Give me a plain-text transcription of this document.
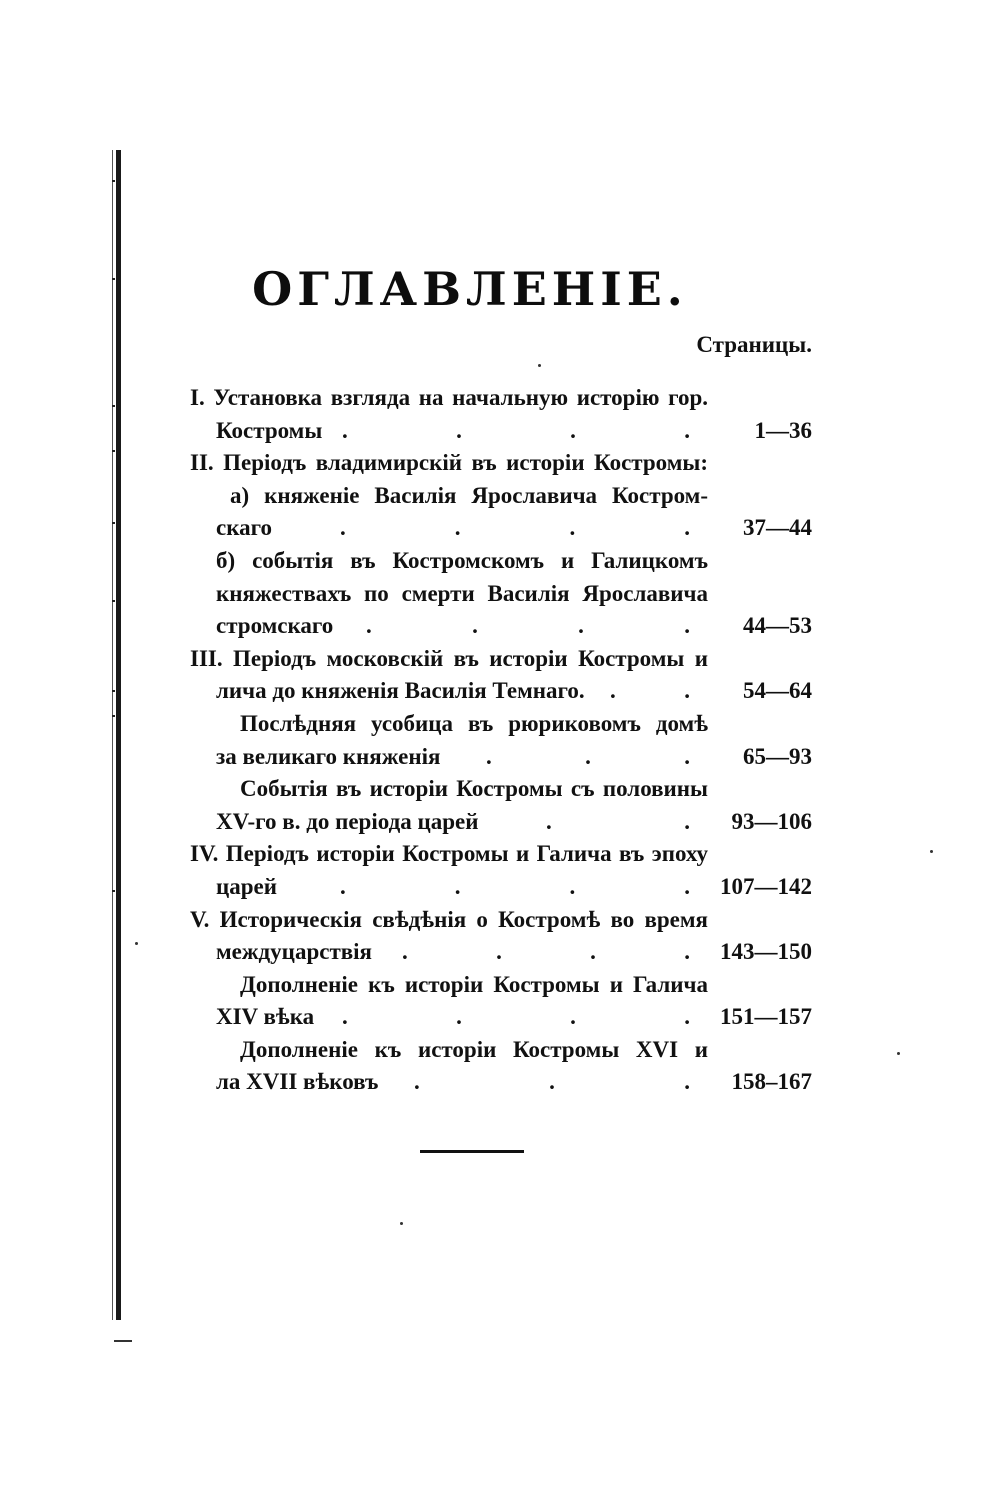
ОГЛАВЛЕНІЕ.
Страницы.
I. Установка взгляда на начальную исторію гор.
Костромы	1—36
.	.	.	.
II. Періодъ владимирскій въ исторіи Костромы:
а) княженіе Василія Ярославича Костром-
скаго	37—44
.	.	.	.
б) событія въ Костромскомъ и Галицкомъ
княжествахъ по смерти Василія Ярославича
стромскаго	44—53
.	.	.	.
III. Періодъ московскій въ исторіи Костромы и
лича до княженія Василія Темнаго.	54—64
.	.
Послѣдняя усобица въ рюриковомъ домѣ
за великаго княженія	65—93
.	.	.
Событія въ исторіи Костромы съ половины
XV-го в. до періода царей	93—106
.	.
IV. Періодъ исторіи Костромы и Галича въ эпоху
царей	107—142
.	.	.	.
V. Историческія свѣдѣнія о Костромѣ во время
междуцарствія	143—150
.	.	.	.
Дополненіе къ исторіи Костромы и Галича
XIV вѣка	151—157
.	.	.	.
Дополненіе къ исторіи Костромы XVI и
ла XVII вѣковъ	158–167
.	.	.
